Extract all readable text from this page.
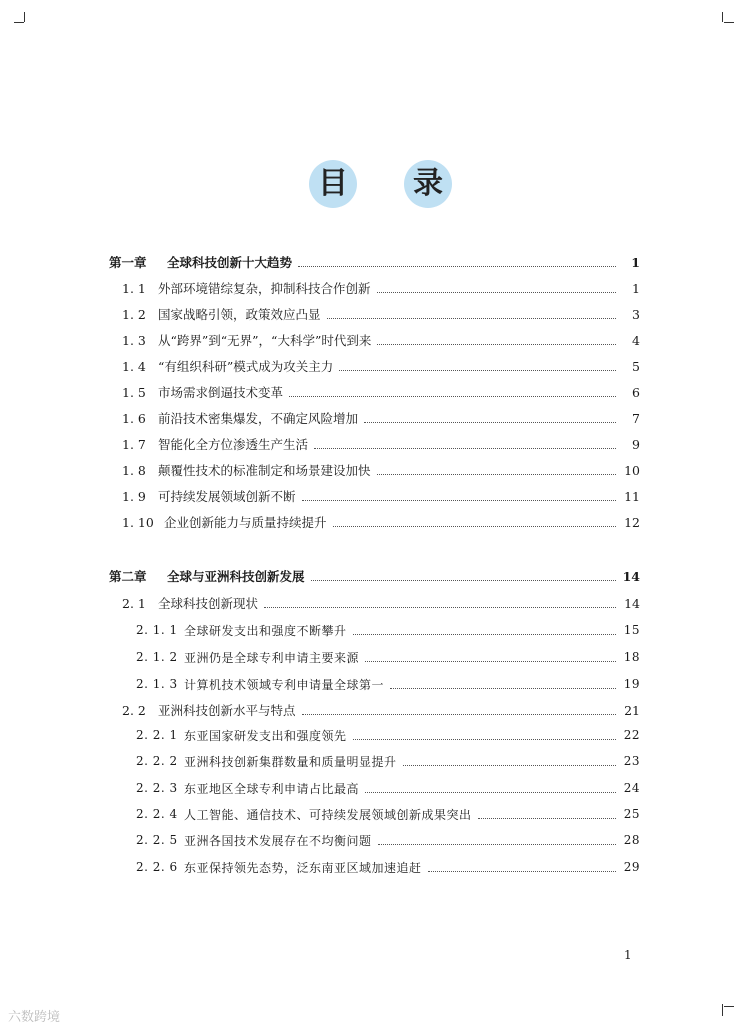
目	录
第一章	全球科技创新十大趋势	1
1. 1 外部环境错综复杂，抑制科技合作创新	1
1. 2 国家战略引领，政策效应凸显	3
1. 3 从“跨界”到“无界”，“大科学”时代到来	4
1. 4 “有组织科研”模式成为攻关主力	5
1. 5 市场需求倒逼技术变革	6
1. 6 前沿技术密集爆发，不确定风险增加	7
1. 7 智能化全方位渗透生产生活	9
1. 8 颠覆性技术的标准制定和场景建设加快	10
1. 9 可持续发展领域创新不断	11
1. 10 企业创新能力与质量持续提升	12
第二章	全球与亚洲科技创新发展	14
2. 1 全球科技创新现状	14
2. 1. 1 全球研发支出和强度不断攀升	15
2. 1. 2 亚洲仍是全球专利申请主要来源	18
2. 1. 3 计算机技术领域专利申请量全球第一	19
2. 2 亚洲科技创新水平与特点	21
2. 2. 1 东亚国家研发支出和强度领先	22
2. 2. 2 亚洲科技创新集群数量和质量明显提升	23
2. 2. 3 东亚地区全球专利申请占比最高	24
2. 2. 4 人工智能、通信技术、可持续发展领域创新成果突出	25
2. 2. 5 亚洲各国技术发展存在不均衡问题	28
2. 2. 6 东亚保持领先态势，泛东南亚区域加速追赶	29
1
六数跨境
